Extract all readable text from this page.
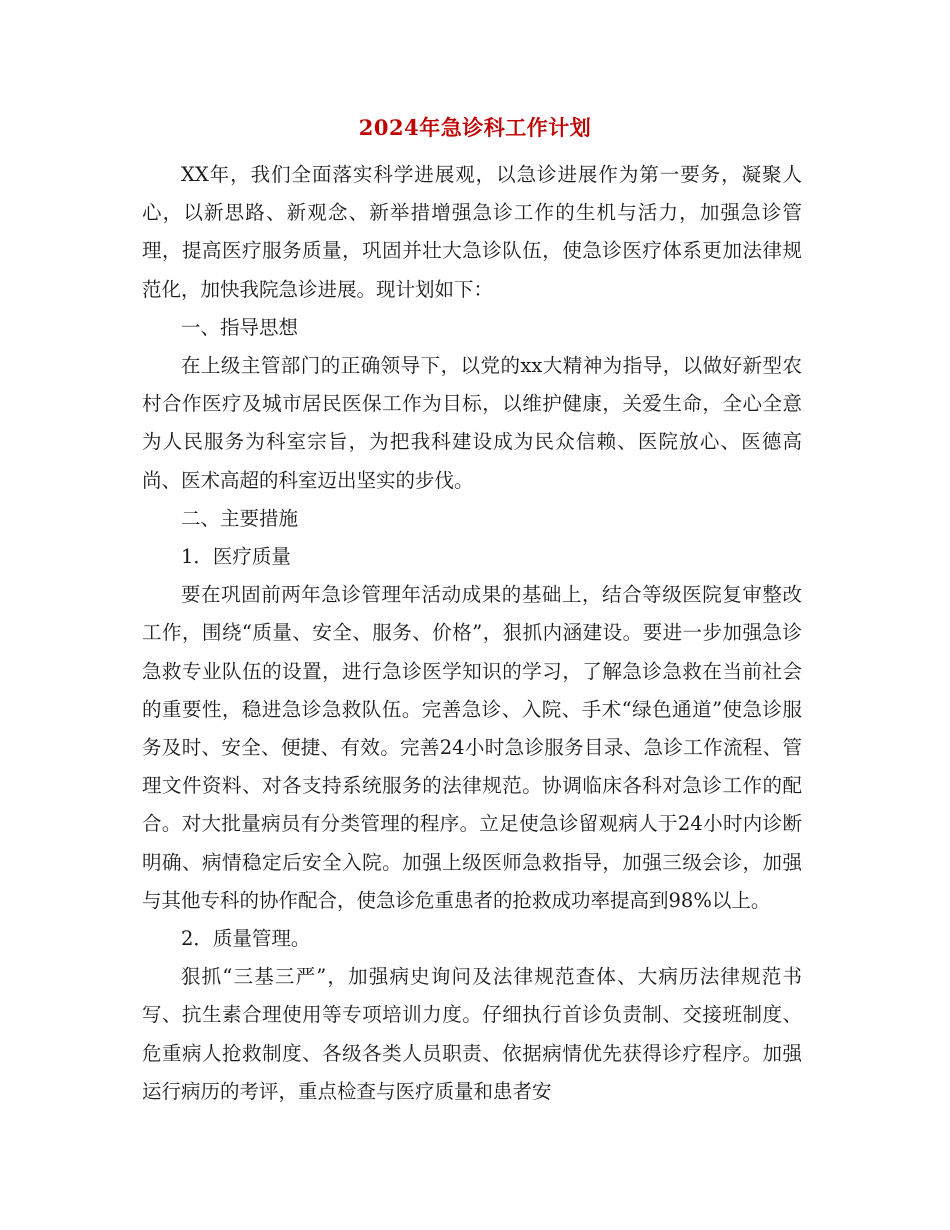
2024年急诊科工作计划

XX年，我们全面落实科学进展观，以急诊进展作为第一要务，凝聚人心，以新思路、新观念、新举措增强急诊工作的生机与活力，加强急诊管理，提高医疗服务质量，巩固并壮大急诊队伍，使急诊医疗体系更加法律规范化，加快我院急诊进展。现计划如下：

一、指导思想

在上级主管部门的正确领导下，以党的xx大精神为指导，以做好新型农村合作医疗及城市居民医保工作为目标，以维护健康，关爱生命，全心全意为人民服务为科室宗旨，为把我科建设成为民众信赖、医院放心、医德高尚、医术高超的科室迈出坚实的步伐。

二、主要措施

1．医疗质量

要在巩固前两年急诊管理年活动成果的基础上，结合等级医院复审整改工作，围绕“质量、安全、服务、价格”，狠抓内涵建设。要进一步加强急诊急救专业队伍的设置，进行急诊医学知识的学习，了解急诊急救在当前社会的重要性，稳进急诊急救队伍。完善急诊、入院、手术“绿色通道”使急诊服务及时、安全、便捷、有效。完善24小时急诊服务目录、急诊工作流程、管理文件资料、对各支持系统服务的法律规范。协调临床各科对急诊工作的配合。对大批量病员有分类管理的程序。立足使急诊留观病人于24小时内诊断明确、病情稳定后安全入院。加强上级医师急救指导，加强三级会诊，加强与其他专科的协作配合，使急诊危重患者的抢救成功率提高到98%以上。

2．质量管理。

狠抓“三基三严”，加强病史询问及法律规范查体、大病历法律规范书写、抗生素合理使用等专项培训力度。仔细执行首诊负责制、交接班制度、危重病人抢救制度、各级各类人员职责、依据病情优先获得诊疗程序。加强运行病历的考评，重点检查与医疗质量和患者安
